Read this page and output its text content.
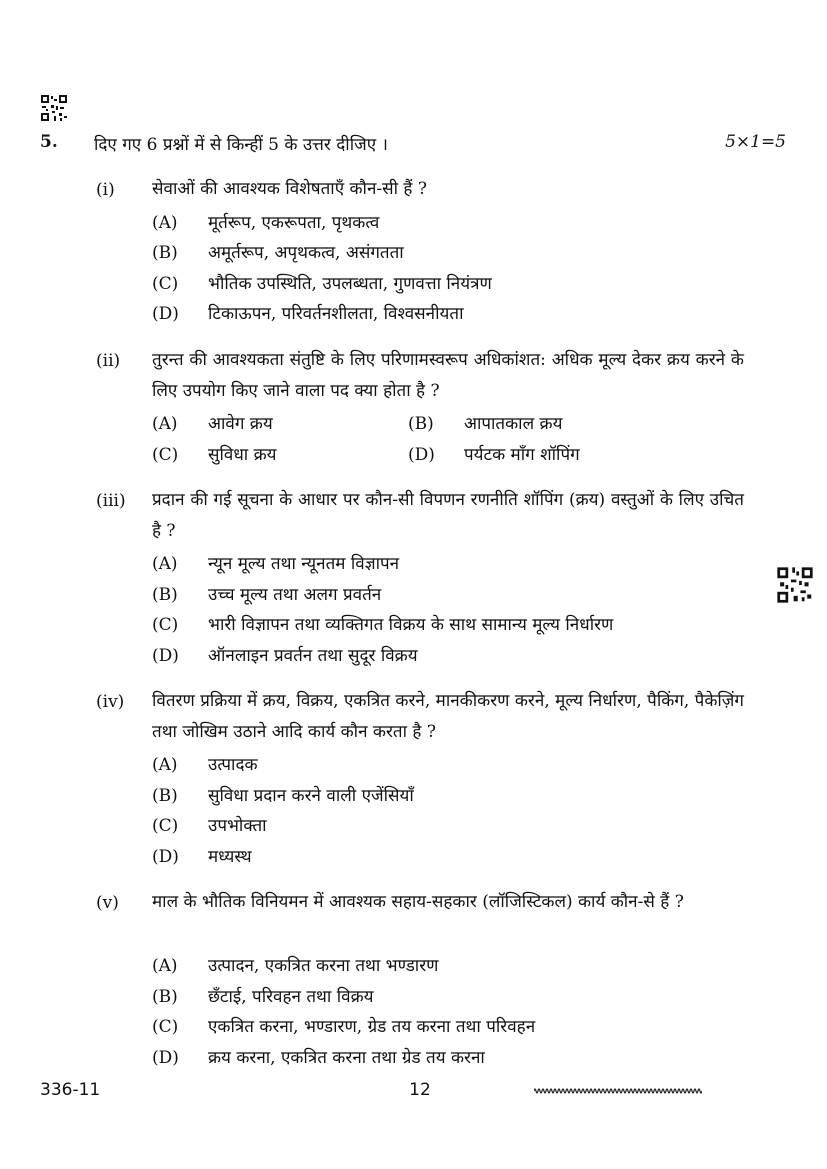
5. दिए गए 6 प्रश्नों में से किन्हीं 5 के उत्तर दीजिए ।	5×1=5
(i) सेवाओं की आवश्यक विशेषताएँ कौन-सी हैं ?
(A) मूर्तरूप, एकरूपता, पृथकत्व
(B) अमूर्तरूप, अपृथकत्व, असंगतता
(C) भौतिक उपस्थिति, उपलब्धता, गुणवत्ता नियंत्रण
(D) टिकाऊपन, परिवर्तनशीलता, विश्वसनीयता
(ii) तुरन्त की आवश्यकता संतुष्टि के लिए परिणामस्वरूप अधिकांशत: अधिक मूल्य देकर क्रय करने के लिए उपयोग किए जाने वाला पद क्या होता है ?
(A) आवेग क्रय	(B) आपातकाल क्रय
(C) सुविधा क्रय	(D) पर्यटक माँग शॉपिंग
(iii) प्रदान की गई सूचना के आधार पर कौन-सी विपणन रणनीति शॉपिंग (क्रय) वस्तुओं के लिए उचित है ?
(A) न्यून मूल्य तथा न्यूनतम विज्ञापन
(B) उच्च मूल्य तथा अलग प्रवर्तन
(C) भारी विज्ञापन तथा व्यक्तिगत विक्रय के साथ सामान्य मूल्य निर्धारण
(D) ऑनलाइन प्रवर्तन तथा सुदूर विक्रय
(iv) वितरण प्रक्रिया में क्रय, विक्रय, एकत्रित करने, मानकीकरण करने, मूल्य निर्धारण, पैकिंग, पैकेज़िंग तथा जोखिम उठाने आदि कार्य कौन करता है ?
(A) उत्पादक
(B) सुविधा प्रदान करने वाली एजेंसियाँ
(C) उपभोक्ता
(D) मध्यस्थ
(v) माल के भौतिक विनियमन में आवश्यक सहाय-सहकार (लॉजिस्टिकल) कार्य कौन-से हैं ?
(A) उत्पादन, एकत्रित करना तथा भण्डारण
(B) छँटाई, परिवहन तथा विक्रय
(C) एकत्रित करना, भण्डारण, ग्रेड तय करना तथा परिवहन
(D) क्रय करना, एकत्रित करना तथा ग्रेड तय करना
336-11	12
